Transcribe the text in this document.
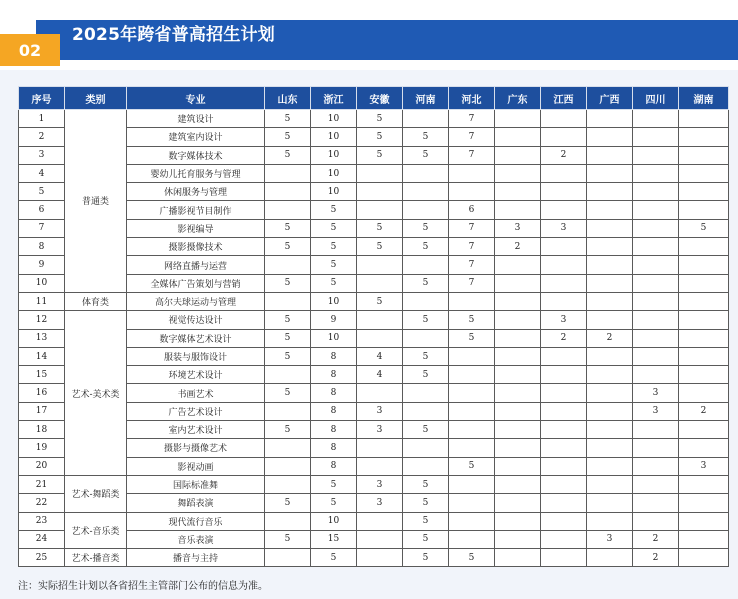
2025年跨省普高招生计划
02
序号	类别	专业	山东	浙江	安徽	河南	河北	广东	江西	广西	四川	湖南
1	普通类	建筑设计	5	10	5		7					
2		建筑室内设计	5	10	5	5	7					
3		数字媒体技术	5	10	5	5	7		2			
4		婴幼儿托育服务与管理		10								
5		休闲服务与管理		10								
6		广播影视节目制作		5			6					
7		影视编导	5	5	5	5	7	3	3			5
8		摄影摄像技术	5	5	5	5	7	2				
9		网络直播与运营		5			7					
10		全媒体广告策划与营销	5	5		5	7					
11	体育类	高尔夫球运动与管理		10	5							
12	艺术-美术类	视觉传达设计	5	9		5	5		3			
13		数字媒体艺术设计	5	10			5		2	2		
14		服装与服饰设计	5	8	4	5						
15		环境艺术设计		8	4	5						
16		书画艺术	5	8							3	
17		广告艺术设计		8	3						3	2
18		室内艺术设计	5	8	3	5						
19		摄影与摄像艺术		8								
20		影视动画		8			5					3
21	艺术-舞蹈类	国际标准舞		5	3	5						
22		舞蹈表演	5	5	3	5						
23	艺术-音乐类	现代流行音乐		10		5						
24		音乐表演	5	15		5				3	2	
25	艺术-播音类	播音与主持		5		5	5				2	
注：实际招生计划以各省招生主管部门公布的信息为准。
